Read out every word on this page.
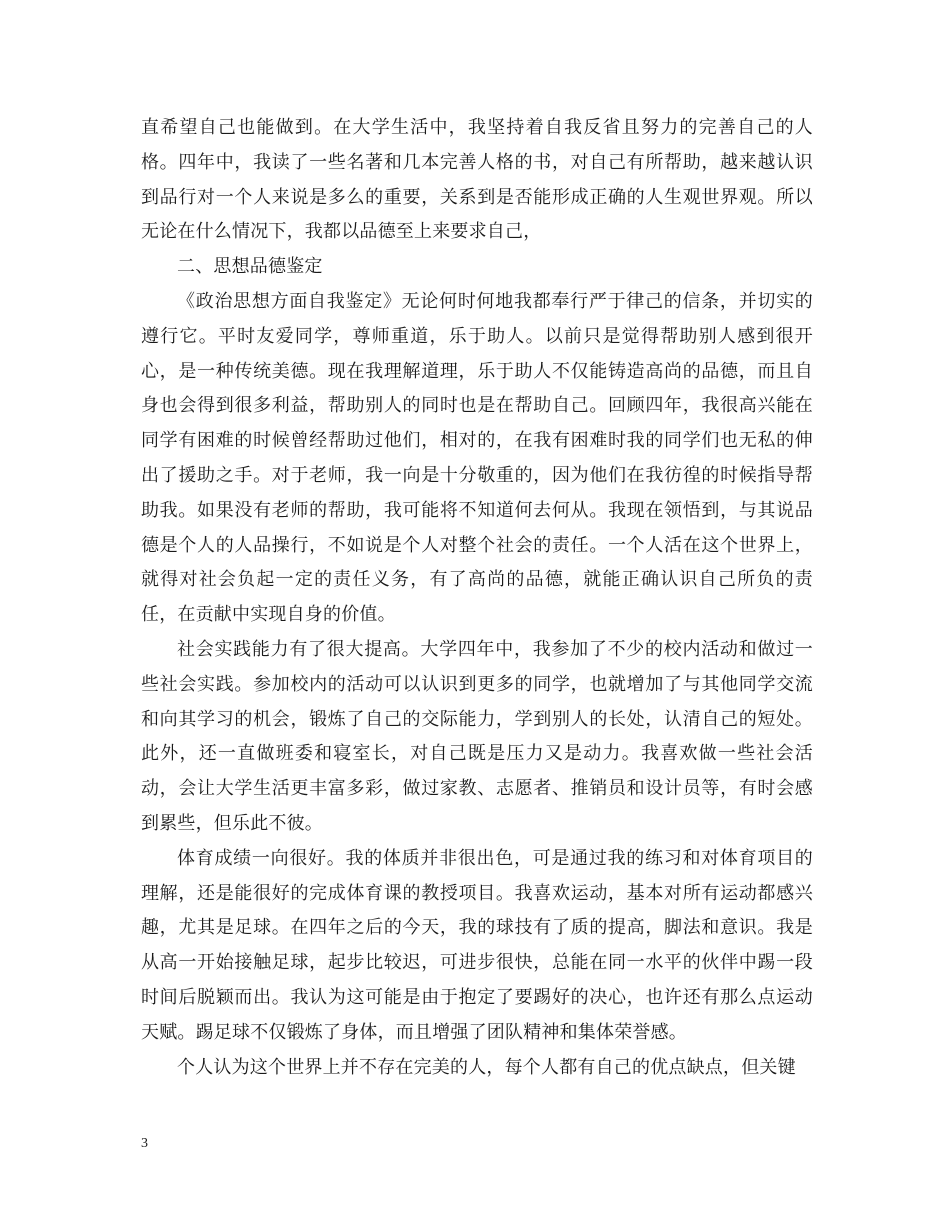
直希望自己也能做到。在大学生活中，我坚持着自我反省且努力的完善自己的人格。四年中，我读了一些名著和几本完善人格的书，对自己有所帮助，越来越认识到品行对一个人来说是多么的重要，关系到是否能形成正确的人生观世界观。所以无论在什么情况下，我都以品德至上来要求自己，

二、思想品德鉴定

《政治思想方面自我鉴定》无论何时何地我都奉行严于律己的信条，并切实的遵行它。平时友爱同学，尊师重道，乐于助人。以前只是觉得帮助别人感到很开心，是一种传统美德。现在我理解道理，乐于助人不仅能铸造高尚的品德，而且自身也会得到很多利益，帮助别人的同时也是在帮助自己。回顾四年，我很高兴能在同学有困难的时候曾经帮助过他们，相对的，在我有困难时我的同学们也无私的伸出了援助之手。对于老师，我一向是十分敬重的，因为他们在我彷徨的时候指导帮助我。如果没有老师的帮助，我可能将不知道何去何从。我现在领悟到，与其说品德是个人的人品操行，不如说是个人对整个社会的责任。一个人活在这个世界上，就得对社会负起一定的责任义务，有了高尚的品德，就能正确认识自己所负的责任，在贡献中实现自身的价值。

社会实践能力有了很大提高。大学四年中，我参加了不少的校内活动和做过一些社会实践。参加校内的活动可以认识到更多的同学，也就增加了与其他同学交流和向其学习的机会，锻炼了自己的交际能力，学到别人的长处，认清自己的短处。此外，还一直做班委和寝室长，对自己既是压力又是动力。我喜欢做一些社会活动，会让大学生活更丰富多彩，做过家教、志愿者、推销员和设计员等，有时会感到累些，但乐此不彼。

体育成绩一向很好。我的体质并非很出色，可是通过我的练习和对体育项目的理解，还是能很好的完成体育课的教授项目。我喜欢运动，基本对所有运动都感兴趣，尤其是足球。在四年之后的今天，我的球技有了质的提高，脚法和意识。我是从高一开始接触足球，起步比较迟，可进步很快，总能在同一水平的伙伴中踢一段时间后脱颖而出。我认为这可能是由于抱定了要踢好的决心，也许还有那么点运动天赋。踢足球不仅锻炼了身体，而且增强了团队精神和集体荣誉感。

个人认为这个世界上并不存在完美的人，每个人都有自己的优点缺点，但关键

3
